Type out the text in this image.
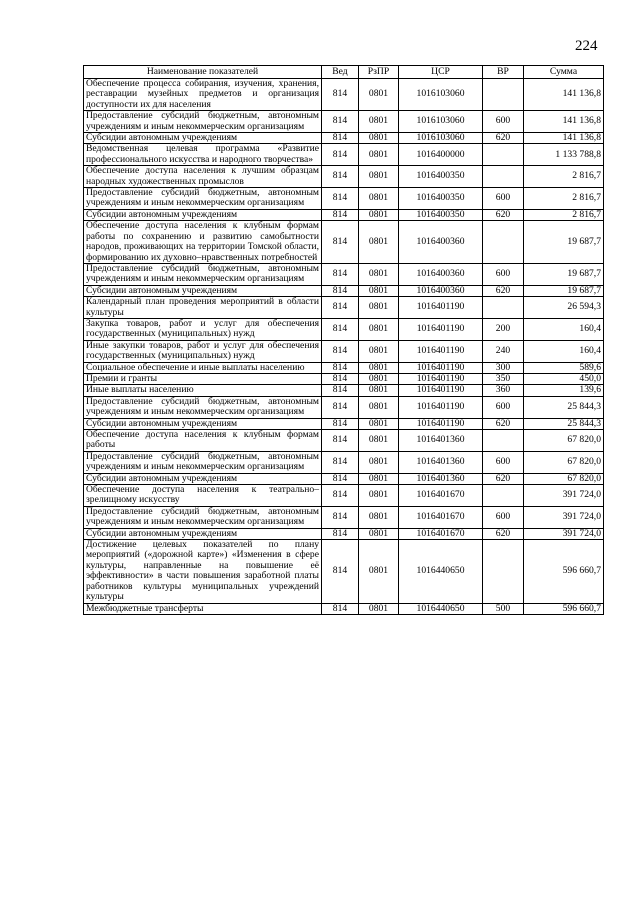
224
Наименование показателей	Вед	РзПР	ЦСР	ВР	Сумма
Обеспечение процесса собирания, изучения, хранения, реставрации музейных предметов и организация доступности их для населения	814	0801	1016103060		141 136,8
Предоставление субсидий бюджетным, автономным учреждениям и иным некоммерческим организациям	814	0801	1016103060	600	141 136,8
Субсидии автономным учреждениям	814	0801	1016103060	620	141 136,8
Ведомственная целевая программа «Развитие профессионального искусства и народного творчества»	814	0801	1016400000		1 133 788,8
Обеспечение доступа населения к лучшим образцам народных художественных промыслов	814	0801	1016400350		2 816,7
Предоставление субсидий бюджетным, автономным учреждениям и иным некоммерческим организациям	814	0801	1016400350	600	2 816,7
Субсидии автономным учреждениям	814	0801	1016400350	620	2 816,7
Обеспечение доступа населения к клубным формам работы по сохранению и развитию самобытности народов, проживающих на территории Томской области, формированию их духовно–нравственных потребностей	814	0801	1016400360		19 687,7
Предоставление субсидий бюджетным, автономным учреждениям и иным некоммерческим организациям	814	0801	1016400360	600	19 687,7
Субсидии автономным учреждениям	814	0801	1016400360	620	19 687,7
Календарный план проведения мероприятий в области культуры	814	0801	1016401190		26 594,3
Закупка товаров, работ и услуг для обеспечения государственных (муниципальных) нужд	814	0801	1016401190	200	160,4
Иные закупки товаров, работ и услуг для обеспечения государственных (муниципальных) нужд	814	0801	1016401190	240	160,4
Социальное обеспечение и иные выплаты населению	814	0801	1016401190	300	589,6
Премии и гранты	814	0801	1016401190	350	450,0
Иные выплаты населению	814	0801	1016401190	360	139,6
Предоставление субсидий бюджетным, автономным учреждениям и иным некоммерческим организациям	814	0801	1016401190	600	25 844,3
Субсидии автономным учреждениям	814	0801	1016401190	620	25 844,3
Обеспечение доступа населения к клубным формам работы	814	0801	1016401360		67 820,0
Предоставление субсидий бюджетным, автономным учреждениям и иным некоммерческим организациям	814	0801	1016401360	600	67 820,0
Субсидии автономным учреждениям	814	0801	1016401360	620	67 820,0
Обеспечение доступа населения к театрально–зрелищному искусству	814	0801	1016401670		391 724,0
Предоставление субсидий бюджетным, автономным учреждениям и иным некоммерческим организациям	814	0801	1016401670	600	391 724,0
Субсидии автономным учреждениям	814	0801	1016401670	620	391 724,0
Достижение целевых показателей по плану мероприятий («дорожной карте») «Изменения в сфере культуры, направленные на повышение её эффективности» в части повышения заработной платы работников культуры муниципальных учреждений культуры	814	0801	1016440650		596 660,7
Межбюджетные трансферты	814	0801	1016440650	500	596 660,7
